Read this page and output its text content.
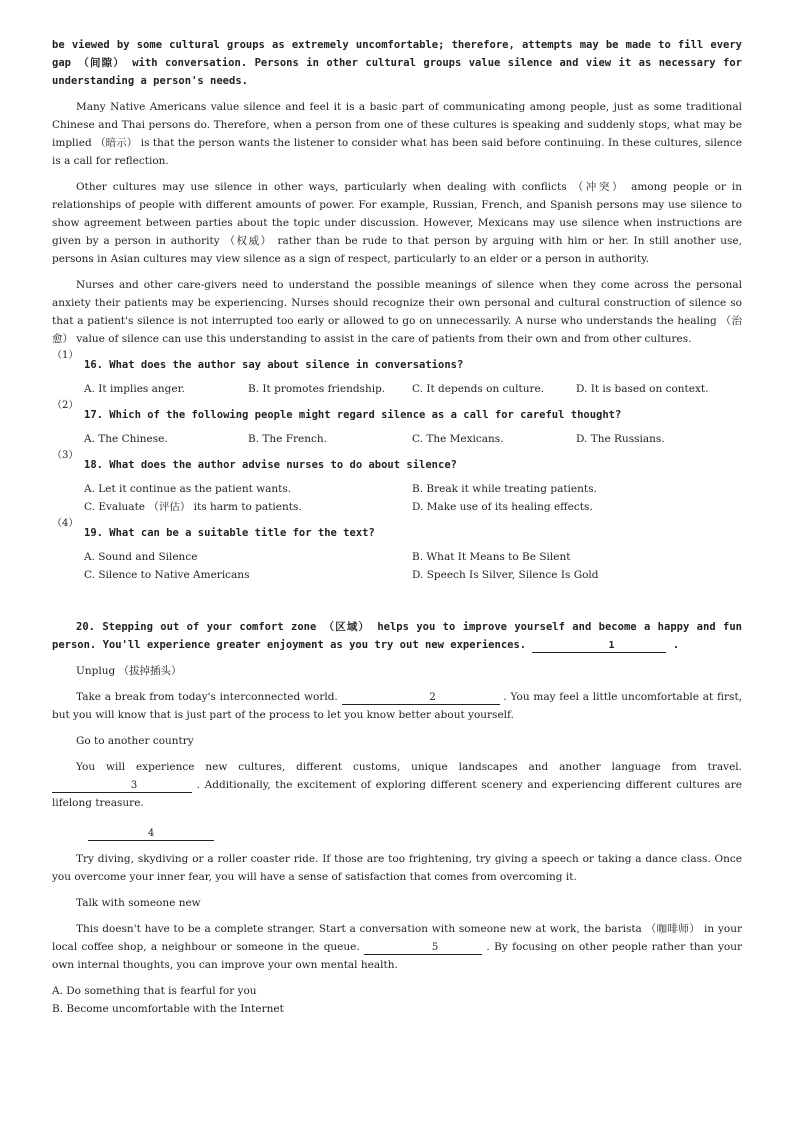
be viewed by some cultural groups as extremely uncomfortable; therefore, attempts may be made to fill every gap （间隙） with conversation. Persons in other cultural groups value silence and view it as necessary for understanding a person's needs.
Many Native Americans value silence and feel it is a basic part of communicating among people, just as some traditional Chinese and Thai persons do. Therefore, when a person from one of these cultures is speaking and suddenly stops, what may be implied （暗示） is that the person wants the listener to consider what has been said before continuing. In these cultures, silence is a call for reflection.
Other cultures may use silence in other ways, particularly when dealing with conflicts （冲突） among people or in relationships of people with different amounts of power. For example, Russian, French, and Spanish persons may use silence to show agreement between parties about the topic under discussion. However, Mexicans may use silence when instructions are given by a person in authority （权威） rather than be rude to that person by arguing with him or her. In still another use, persons in Asian cultures may view silence as a sign of respect, particularly to an elder or a person in authority.
Nurses and other care-givers need to understand the possible meanings of silence when they come across the personal anxiety their patients may be experiencing. Nurses should recognize their own personal and cultural construction of silence so that a patient's silence is not interrupted too early or allowed to go on unnecessarily. A nurse who understands the healing （治愈） value of silence can use this understanding to assist in the care of patients from their own and from other cultures.
（1）
16. What does the author say about silence in conversations?
A. It implies anger.	B. It promotes friendship.	C. It depends on culture.	D. It is based on context.
（2）
17. Which of the following people might regard silence as a call for careful thought?
A. The Chinese.	B. The French.	C. The Mexicans.	D. The Russians.
（3）
18. What does the author advise nurses to do about silence?
A. Let it continue as the patient wants.	B. Break it while treating patients.
C. Evaluate （评估） its harm to patients.	D. Make use of its healing effects.
（4）
19. What can be a suitable title for the text?
A. Sound and Silence	B. What It Means to Be Silent
C. Silence to Native Americans	D. Speech Is Silver, Silence Is Gold
20. Stepping out of your comfort zone （区域） helps you to improve yourself and become a happy and fun person. You'll experience greater enjoyment as you try out new experiences.	1	.
Unplug （拔掉插头）
Take a break from today's interconnected world.	2	. You may feel a little uncomfortable at first, but you will know that is just part of the process to let you know better about yourself.
Go to another country
You will experience new cultures, different customs, unique landscapes and another language from travel. 3	. Additionally, the excitement of exploring different scenery and experiencing different cultures are lifelong treasure.
4
Try diving, skydiving or a roller coaster ride. If those are too frightening, try giving a speech or taking a dance class. Once you overcome your inner fear, you will have a sense of satisfaction that comes from overcoming it.
Talk with someone new
This doesn't have to be a complete stranger. Start a conversation with someone new at work, the barista （咖啡师） in your local coffee shop, a neighbour or someone in the queue.	5	. By focusing on other people rather than your own internal thoughts, you can improve your own mental health.
A. Do something that is fearful for you
B. Become uncomfortable with the Internet
